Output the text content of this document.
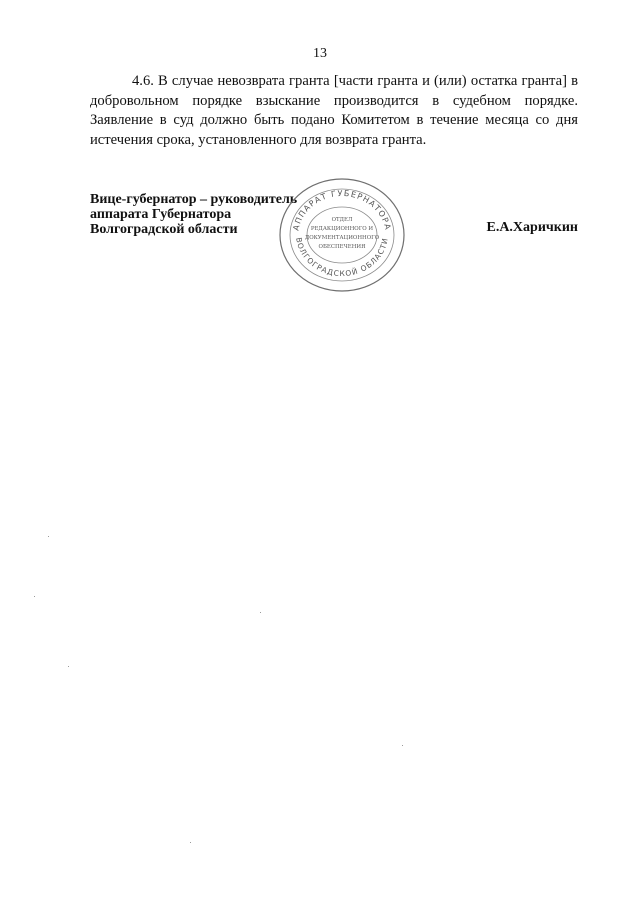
13
4.6. В случае невозврата гранта [части гранта и (или) остатка гранта] в добровольном порядке взыскание производится в судебном порядке. Заявление в суд должно быть подано Комитетом в течение месяца со дня истечения срока, установленного для возврата гранта.
Вице-губернатор – руководитель
аппарата Губернатора
Волгоградской области	Е.А.Харичкин
АППАРАТ ГУБЕРНАТОРА
ВОЛГОГРАДСКОЙ ОБЛАСТИ
ОТДЕЛ
РЕДАКЦИОННОГО И
ДОКУМЕНТАЦИОННОГО
ОБЕСПЕЧЕНИЯ
